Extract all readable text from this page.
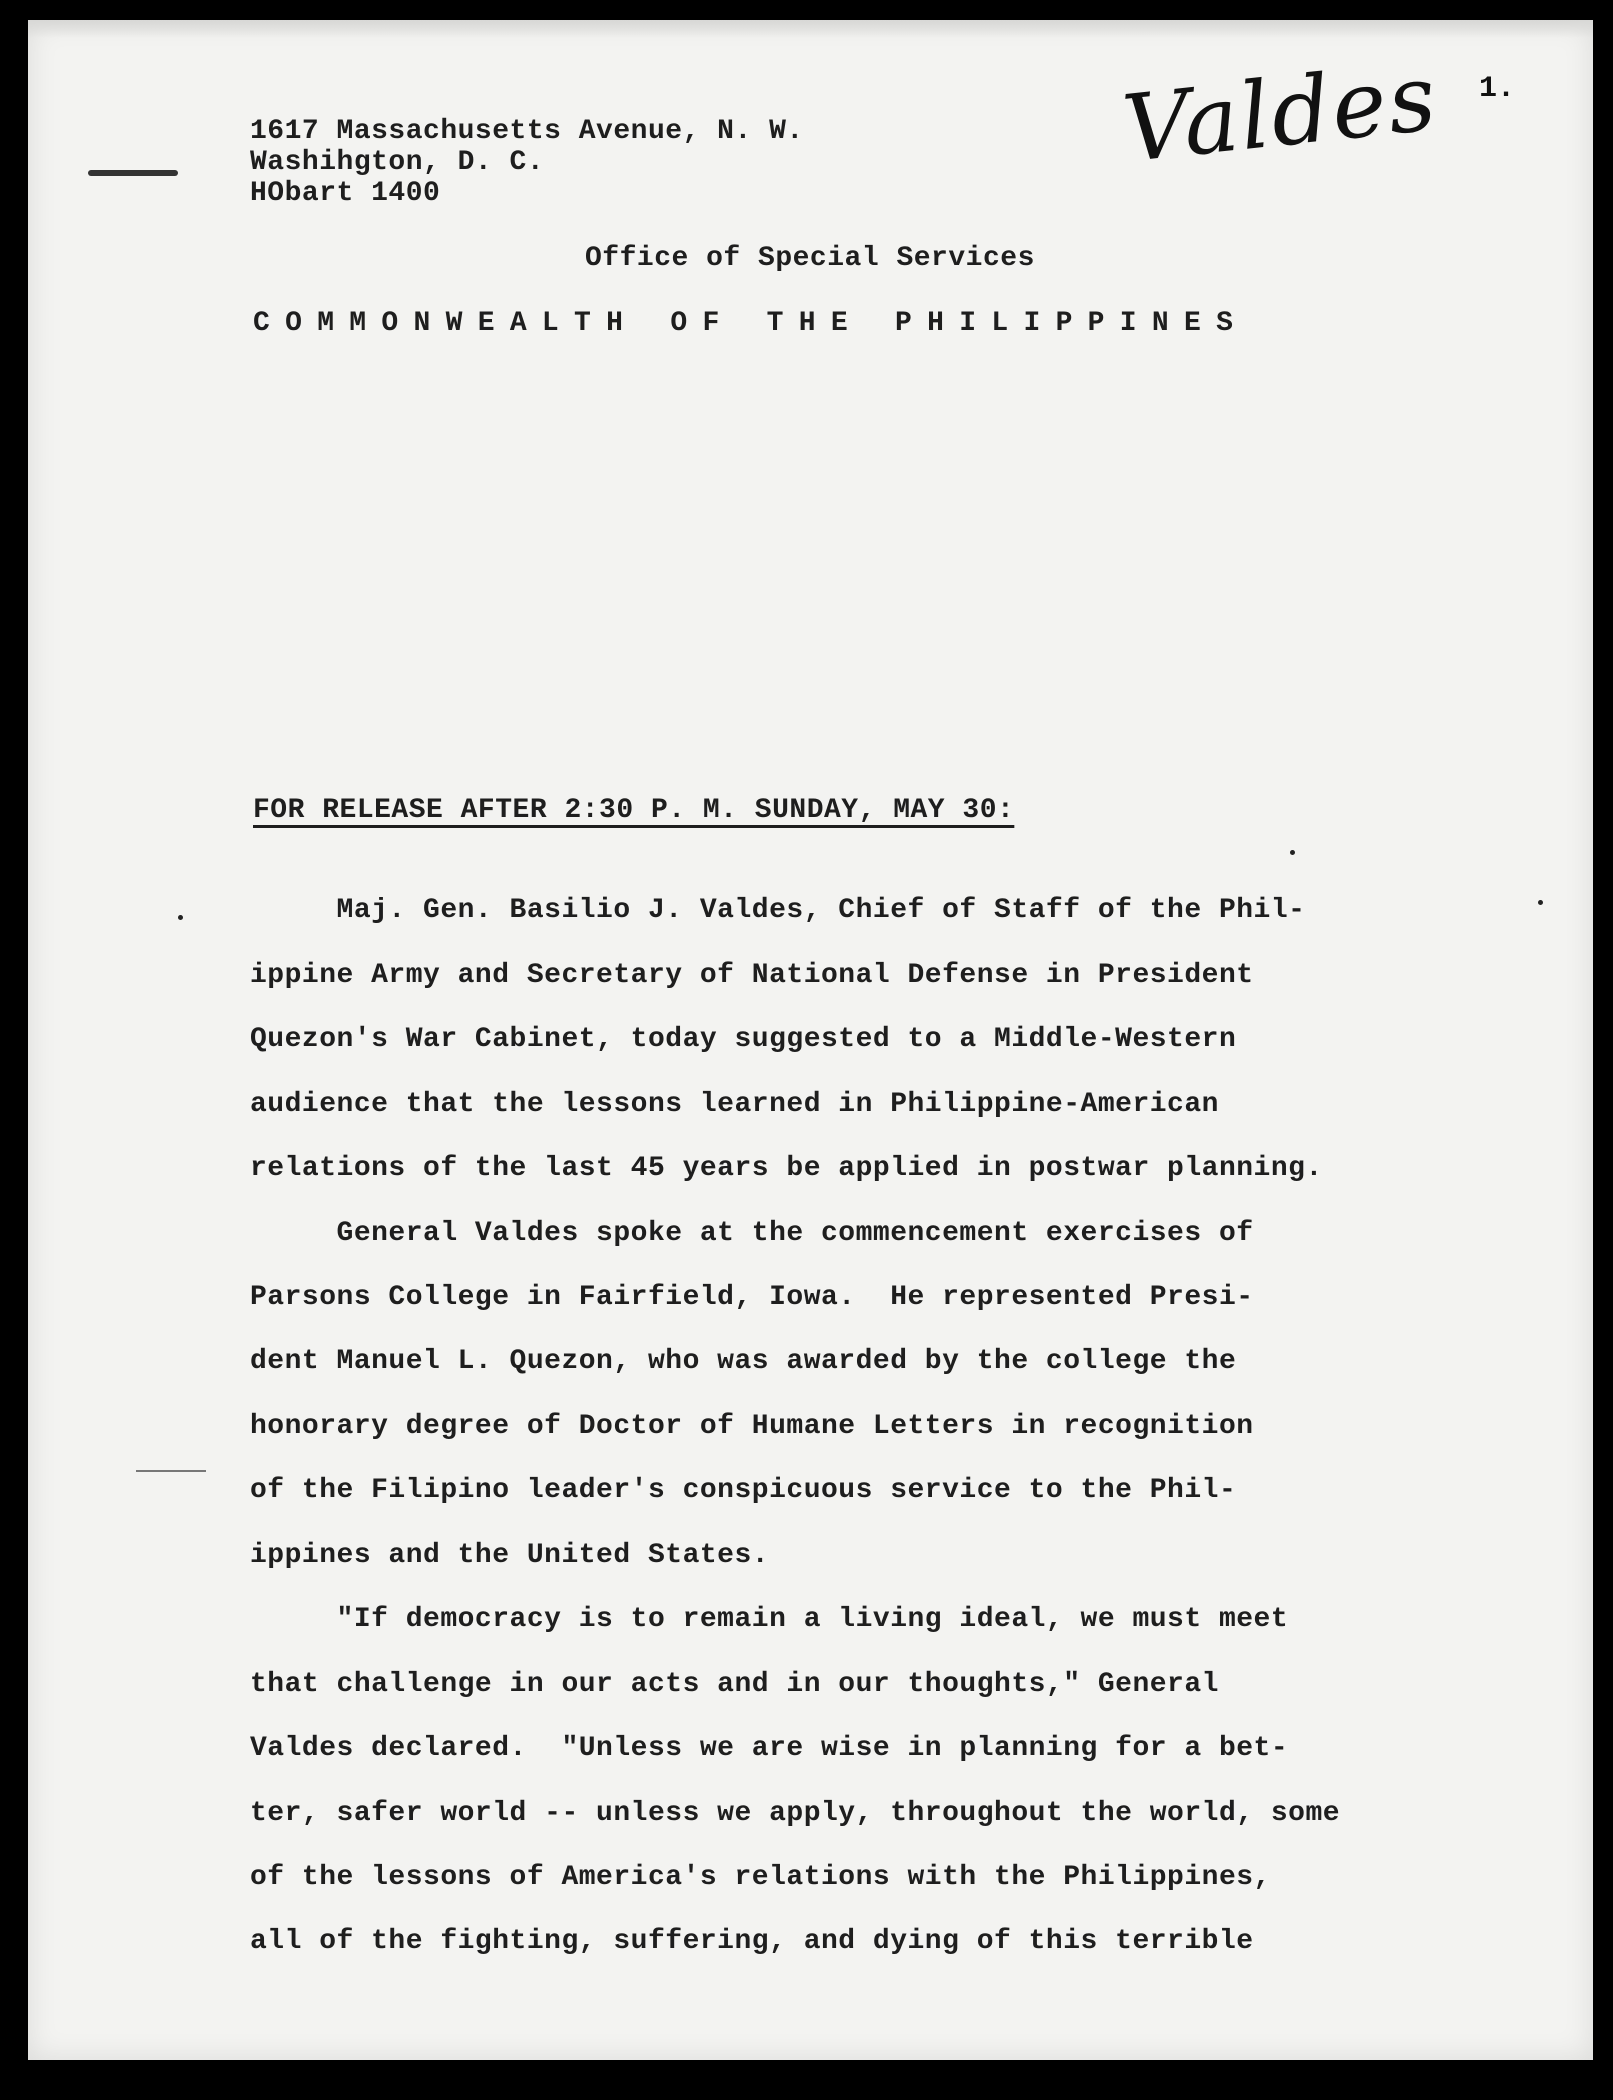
Valdes 1.
1617 Massachusetts Avenue, N. W.
Washihgton, D. C.
HObart 1400
Office of Special Services
COMMONWEALTH OF THE PHILIPPINES
FOR RELEASE AFTER 2:30 P. M. SUNDAY, MAY 30:
Maj. Gen. Basilio J. Valdes, Chief of Staff of the Phil-
ippine Army and Secretary of National Defense in President
Quezon's War Cabinet, today suggested to a Middle-Western
audience that the lessons learned in Philippine-American
relations of the last 45 years be applied in postwar planning.
General Valdes spoke at the commencement exercises of
Parsons College in Fairfield, Iowa.  He represented Presi-
dent Manuel L. Quezon, who was awarded by the college the
honorary degree of Doctor of Humane Letters in recognition
of the Filipino leader's conspicuous service to the Phil-
ippines and the United States.
"If democracy is to remain a living ideal, we must meet
that challenge in our acts and in our thoughts," General
Valdes declared.  "Unless we are wise in planning for a bet-
ter, safer world -- unless we apply, throughout the world, some
of the lessons of America's relations with the Philippines,
all of the fighting, suffering, and dying of this terrible
